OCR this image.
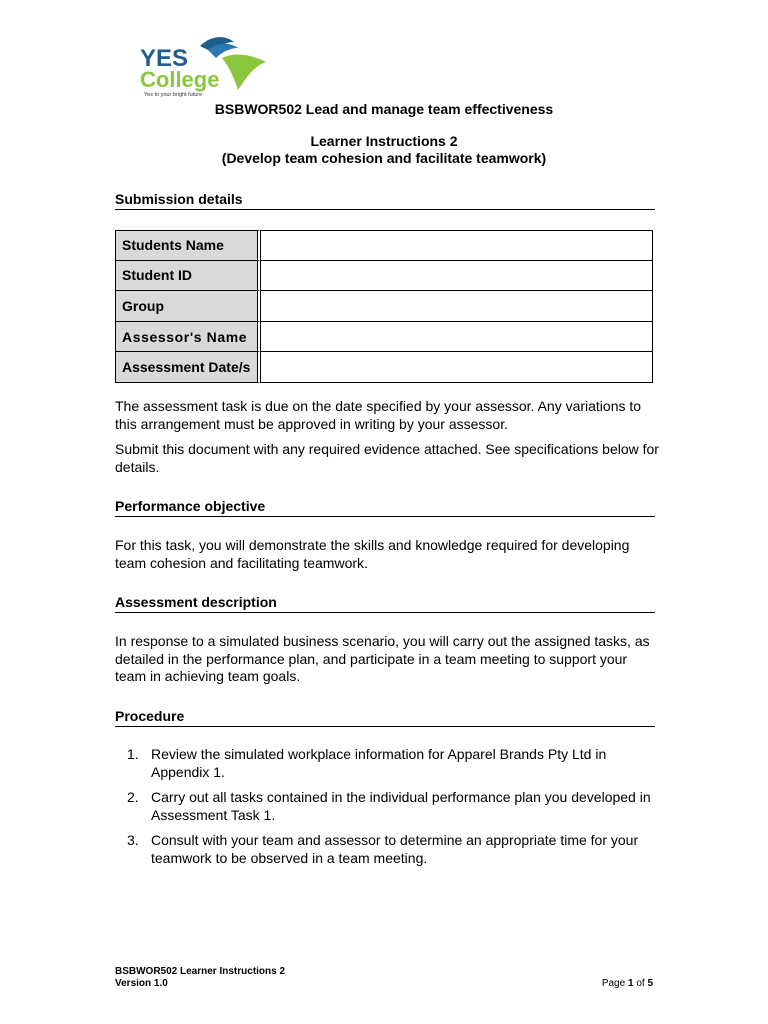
YES
College
Yes to your bright future
BSBWOR502 Lead and manage team effectiveness
Learner Instructions 2
(Develop team cohesion and facilitate teamwork)
Submission details
Students Name	
Student ID	
Group	
Assessor's Name	
Assessment Date/s	
The assessment task is due on the date specified by your assessor. Any variations to this arrangement must be approved in writing by your assessor.
Submit this document with any required evidence attached. See specifications below for details.
Performance objective
For this task, you will demonstrate the skills and knowledge required for developing team cohesion and facilitating teamwork.
Assessment description
In response to a simulated business scenario, you will carry out the assigned tasks, as detailed in the performance plan, and participate in a team meeting to support your team in achieving team goals.
Procedure
1. Review the simulated workplace information for Apparel Brands Pty Ltd in Appendix 1.
2. Carry out all tasks contained in the individual performance plan you developed in Assessment Task 1.
3. Consult with your team and assessor to determine an appropriate time for your teamwork to be observed in a team meeting.
BSBWOR502 Learner Instructions 2
Version 1.0	Page 1 of 5
